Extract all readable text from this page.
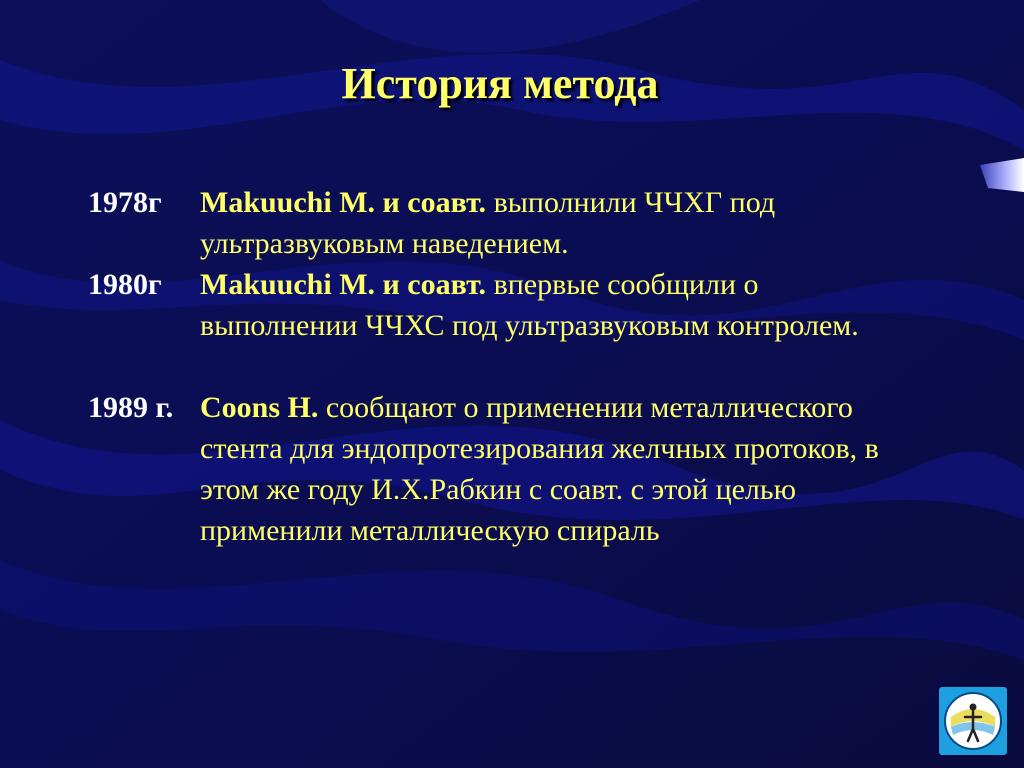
История метода
1978г Makuuchi M. и соавт. выполнили ЧЧХГ под ультразвуковым наведением.
1980г Makuuchi M. и соавт. впервые сообщили о выполнении ЧЧХС под ультразвуковым контролем.
1989 г. Coons H. сообщают о применении металлического стента для эндопротезирования желчных протоков, в этом же году И.Х.Рабкин с соавт. с этой целью применили металлическую спираль
